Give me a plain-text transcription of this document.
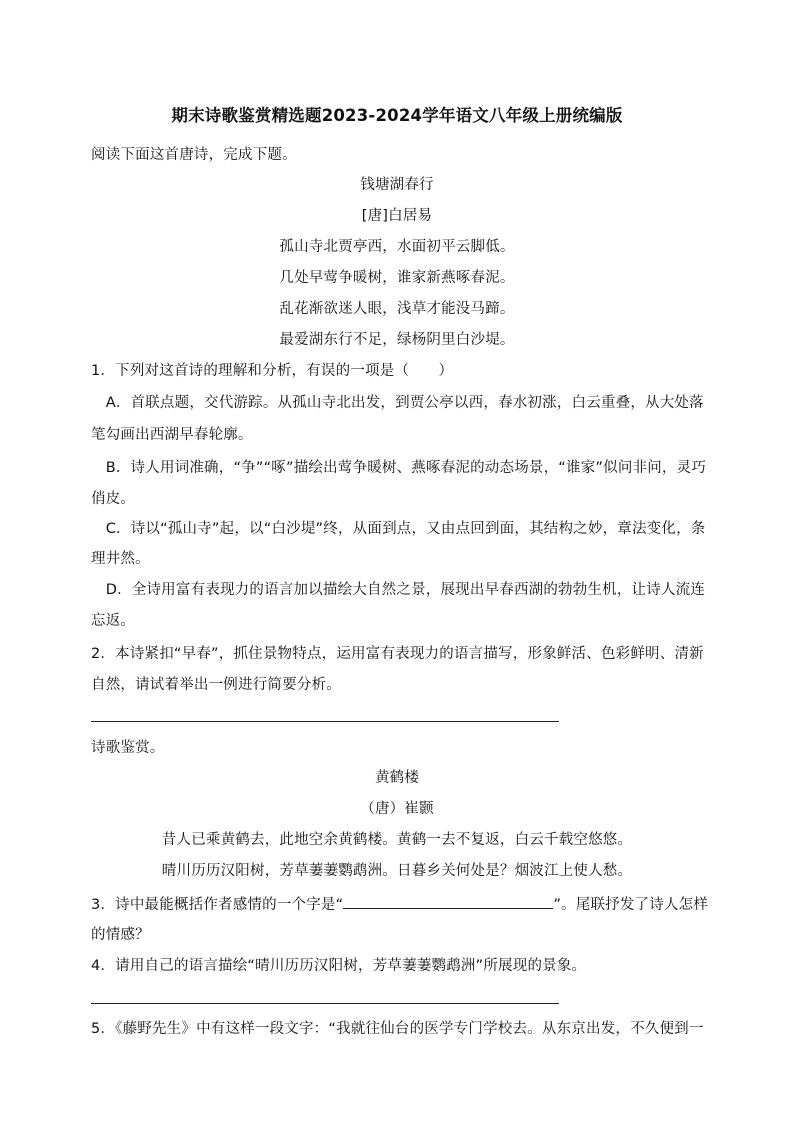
期末诗歌鉴赏精选题2023-2024学年语文八年级上册统编版
阅读下面这首唐诗，完成下题。
钱塘湖春行
[唐]白居易
孤山寺北贾亭西，水面初平云脚低。
几处早莺争暖树，谁家新燕啄春泥。
乱花渐欲迷人眼，浅草才能没马蹄。
最爱湖东行不足，绿杨阴里白沙堤。
1．下列对这首诗的理解和分析，有误的一项是（　　）
　A．首联点题，交代游踪。从孤山寺北出发，到贾公亭以西，春水初涨，白云重叠，从大处落
笔勾画出西湖早春轮廓。
　B．诗人用词准确，“争”“啄”描绘出莺争暖树、燕啄春泥的动态场景，“谁家”似问非问，灵巧
俏皮。
　C．诗以“孤山寺”起，以“白沙堤”终，从面到点，又由点回到面，其结构之妙，章法变化，条
理井然。
　D．全诗用富有表现力的语言加以描绘大自然之景，展现出早春西湖的勃勃生机，让诗人流连
忘返。
2．本诗紧扣“早春”，抓住景物特点，运用富有表现力的语言描写，形象鲜活、色彩鲜明、清新
自然，请试着举出一例进行简要分析。
诗歌鉴赏。
黄鹤楼
（唐）崔颢
昔人已乘黄鹤去，此地空余黄鹤楼。黄鹤一去不复返，白云千载空悠悠。
晴川历历汉阳树，芳草萋萋鹦鹉洲。日暮乡关何处是？烟波江上使人愁。
3．诗中最能概括作者感情的一个字是“	”。尾联抒发了诗人怎样
的情感？
4．请用自己的语言描绘“晴川历历汉阳树，芳草萋萋鹦鹉洲”所展现的景象。
5．《藤野先生》中有这样一段文字：“我就往仙台的医学专门学校去。从东京出发，不久便到一
